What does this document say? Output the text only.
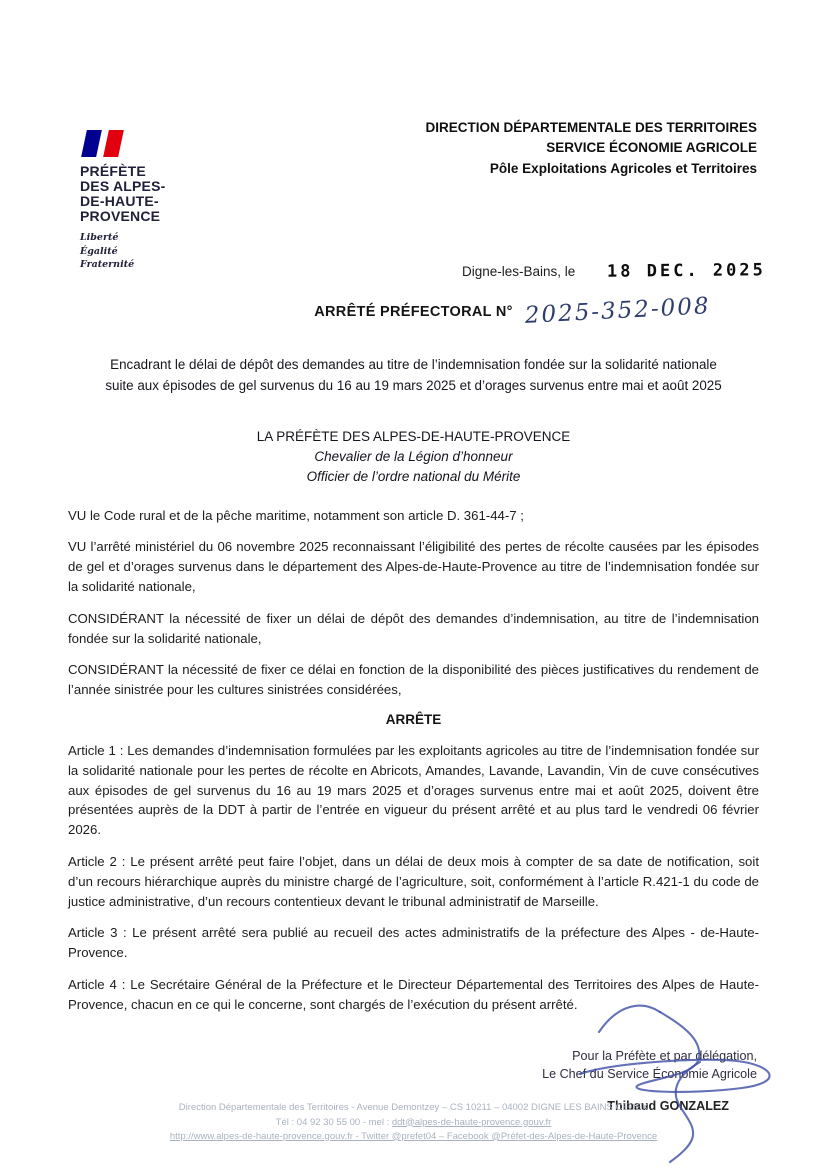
PRÉFÈTE
DES ALPES-
DE-HAUTE-
PROVENCE
Liberté
Égalité
Fraternité
DIRECTION DÉPARTEMENTALE DES TERRITOIRES
SERVICE ÉCONOMIE AGRICOLE
Pôle Exploitations Agricoles et Territoires
Digne-les-Bains, le 18 DEC. 2025
ARRÊTÉ PRÉFECTORAL N° 2025-352-008
Encadrant le délai de dépôt des demandes au titre de l’indemnisation fondée sur la solidarité nationale
suite aux épisodes de gel survenus du 16 au 19 mars 2025 et d’orages survenus entre mai et août 2025
LA PRÉFÈTE DES ALPES-DE-HAUTE-PROVENCE
Chevalier de la Légion d’honneur
Officier de l’ordre national du Mérite

VU le Code rural et de la pêche maritime, notamment son article D. 361-44-7 ;

VU l’arrêté ministériel du 06 novembre 2025 reconnaissant l’éligibilité des pertes de récolte causées par les épisodes de gel et d’orages survenus dans le département des Alpes-de-Haute-Provence au titre de l’indemnisation fondée sur la solidarité nationale,

CONSIDÉRANT la nécessité de fixer un délai de dépôt des demandes d’indemnisation, au titre de l’indemnisation fondée sur la solidarité nationale,

CONSIDÉRANT la nécessité de fixer ce délai en fonction de la disponibilité des pièces justificatives du rendement de l’année sinistrée pour les cultures sinistrées considérées,

ARRÊTE

Article 1 : Les demandes d’indemnisation formulées par les exploitants agricoles au titre de l’indemnisation fondée sur la solidarité nationale pour les pertes de récolte en Abricots, Amandes, Lavande, Lavandin, Vin de cuve consécutives aux épisodes de gel survenus du 16 au 19 mars 2025 et d’orages survenus entre mai et août 2025, doivent être présentées auprès de la DDT à partir de l’entrée en vigueur du présent arrêté et au plus tard le vendredi 06 février 2026.

Article 2 : Le présent arrêté peut faire l’objet, dans un délai de deux mois à compter de sa date de notification, soit d’un recours hiérarchique auprès du ministre chargé de l’agriculture, soit, conformément à l’article R.421-1 du code de justice administrative, d’un recours contentieux devant le tribunal administratif de Marseille.

Article 3 : Le présent arrêté sera publié au recueil des actes administratifs de la préfecture des Alpes - de-Haute-Provence.

Article 4 : Le Secrétaire Général de la Préfecture et le Directeur Départemental des Territoires des Alpes de Haute-Provence, chacun en ce qui le concerne, sont chargés de l’exécution du présent arrêté.

Pour la Préfète et par délégation,
Le Chef du Service Économie Agricole
Thibaud GONZALEZ
Direction Départementale des Territoires - Avenue Demontzey – CS 10211 – 04002 DIGNE LES BAINS CEDEX
Tél : 04 92 30 55 00 - mel : ddt@alpes-de-haute-provence.gouv.fr
http://www.alpes-de-haute-provence.gouv.fr - Twitter @prefet04 – Facebook @Préfet-des-Alpes-de-Haute-Provence
